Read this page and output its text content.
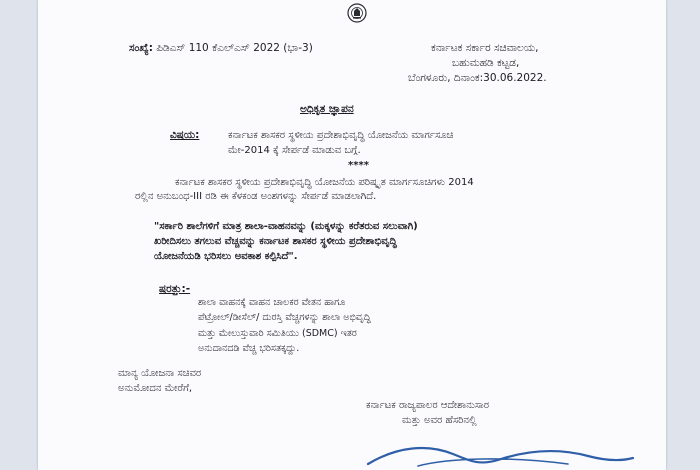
ಸಂಖ್ಯೆ: ಪಿಡಿಎಸ್ 110 ಕೆಎಲ್ಎಸ್ 2022 (ಭಾ-3)	ಕರ್ನಾಟಕ ಸರ್ಕಾರ ಸಚಿವಾಲಯ,
ಬಹುಮಹಡಿ ಕಟ್ಟಡ,
ಬೆಂಗಳೂರು, ದಿನಾಂಕ:30.06.2022.
ಅಧಿಕೃತ ಜ್ಞಾಪನ
ವಿಷಯ:	ಕರ್ನಾಟಕ ಶಾಸಕರ ಸ್ಥಳೀಯ ಪ್ರದೇಶಾಭಿವೃದ್ಧಿ ಯೋಜನೆಯ ಮಾರ್ಗಸೂಚಿ
ಮೇ-2014 ಕ್ಕೆ ಸೇರ್ಪಡೆ ಮಾಡುವ ಬಗ್ಗೆ.
****
ಕರ್ನಾಟಕ ಶಾಸಕರ ಸ್ಥಳೀಯ ಪ್ರದೇಶಾಭಿವೃದ್ಧಿ ಯೋಜನೆಯ ಪರಿಷ್ಕೃತ ಮಾರ್ಗಸೂಚಿಗಳು 2014
ರಲ್ಲಿನ ಅನುಬಂಧ-III ರಡಿ ಈ ಕೆಳಕಂಡ ಅಂಶಗಳನ್ನು ಸೇರ್ಪಡೆ ಮಾಡಲಾಗಿದೆ.
"ಸರ್ಕಾರಿ ಶಾಲೆಗಳಿಗೆ ಮಾತ್ರ ಶಾಲಾ-ವಾಹನವನ್ನು (ಮಕ್ಕಳನ್ನು ಕರೆತರುವ ಸಲುವಾಗಿ)
ಖರೀದಿಸಲು ತಗಲುವ ವೆಚ್ಚವನ್ನು ಕರ್ನಾಟಕ ಶಾಸಕರ ಸ್ಥಳೀಯ ಪ್ರದೇಶಾಭಿವೃದ್ಧಿ
ಯೋಜನೆಯಡಿ ಭರಿಸಲು ಅವಕಾಶ ಕಲ್ಪಿಸಿದೆ".
ಷರತ್ತು:-
ಶಾಲಾ ವಾಹನಕ್ಕೆ ವಾಹನ ಚಾಲಕರ ವೇತನ ಹಾಗೂ
ಪೆಟ್ರೋಲ್/ಡೀಸೆಲ್/ ದುರಸ್ತಿ ವೆಚ್ಚಗಳನ್ನು ಶಾಲಾ ಅಭಿವೃದ್ಧಿ
ಮತ್ತು ಮೇಲುಸ್ತುವಾರಿ ಸಮಿತಿಯು (SDMC) ಇತರ
ಅನುದಾನದಡಿ ವೆಚ್ಚ ಭರಿಸತಕ್ಕದ್ದು.
ಮಾನ್ಯ ಯೋಜನಾ ಸಚಿವರ
ಅನುಮೋದನ ಮೇರೆಗೆ,
ಕರ್ನಾಟಕ ರಾಜ್ಯಪಾಲರ ಆದೇಶಾನುಸಾರ
ಮತ್ತು ಅವರ ಹೆಸರಿನಲ್ಲಿ
